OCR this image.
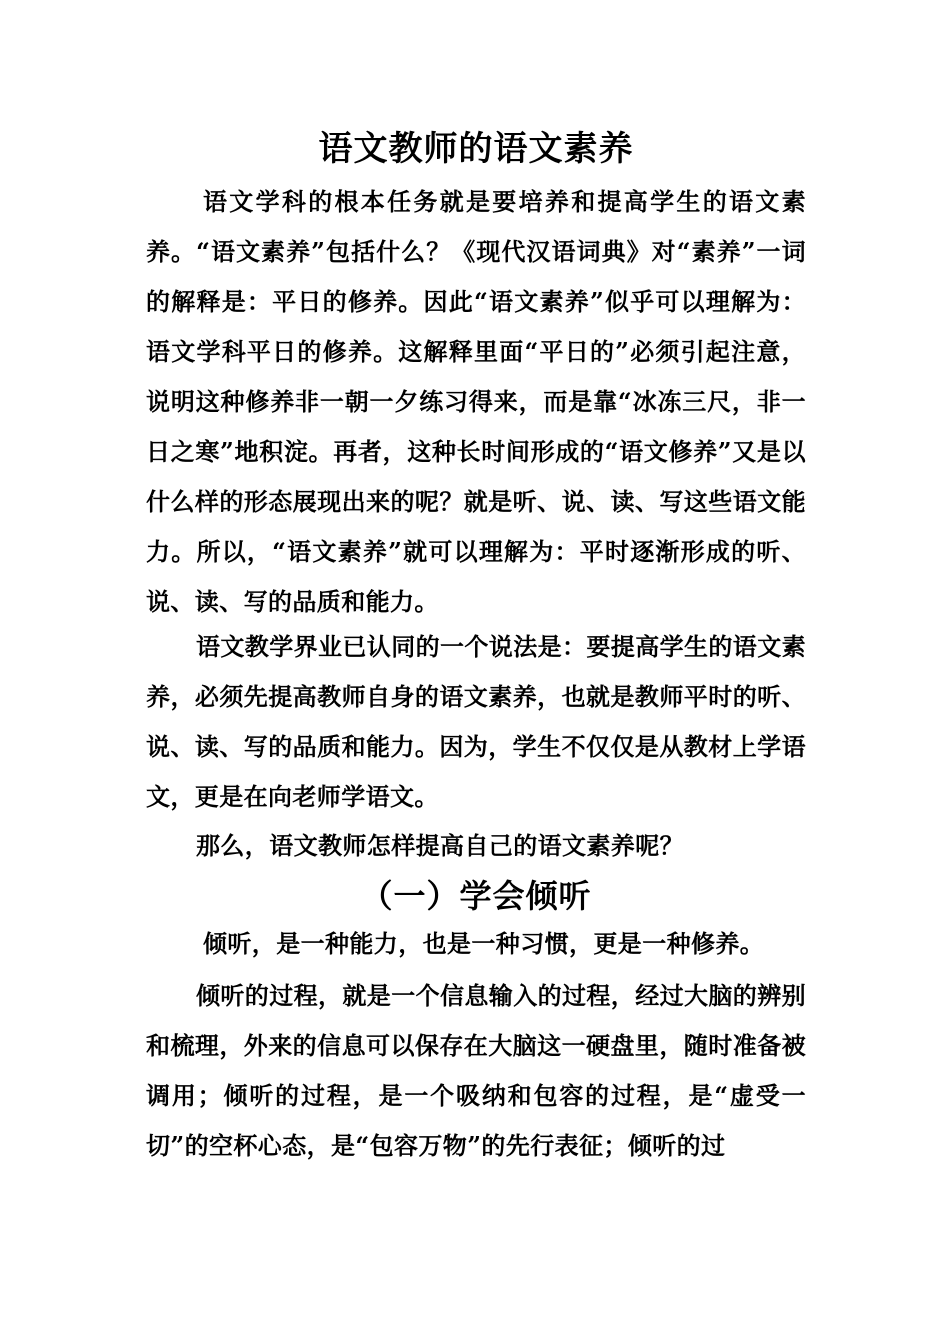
语文教师的语文素养

语文学科的根本任务就是要培养和提高学生的语文素养。“语文素养”包括什么？《现代汉语词典》对“素养”一词的解释是：平日的修养。因此“语文素养”似乎可以理解为：语文学科平日的修养。这解释里面“平日的”必须引起注意，说明这种修养非一朝一夕练习得来，而是靠“冰冻三尺，非一日之寒”地积淀。再者，这种长时间形成的“语文修养”又是以什么样的形态展现出来的呢？就是听、说、读、写这些语文能力。所以，“语文素养”就可以理解为：平时逐渐形成的听、说、读、写的品质和能力。

语文教学界业已认同的一个说法是：要提高学生的语文素养，必须先提高教师自身的语文素养，也就是教师平时的听、说、读、写的品质和能力。因为，学生不仅仅是从教材上学语文，更是在向老师学语文。

那么，语文教师怎样提高自己的语文素养呢？

（一）学会倾听

倾听，是一种能力，也是一种习惯，更是一种修养。

倾听的过程，就是一个信息输入的过程，经过大脑的辨别和梳理，外来的信息可以保存在大脑这一硬盘里，随时准备被调用；倾听的过程，是一个吸纳和包容的过程，是“虚受一切”的空杯心态，是“包容万物”的先行表征；倾听的过
